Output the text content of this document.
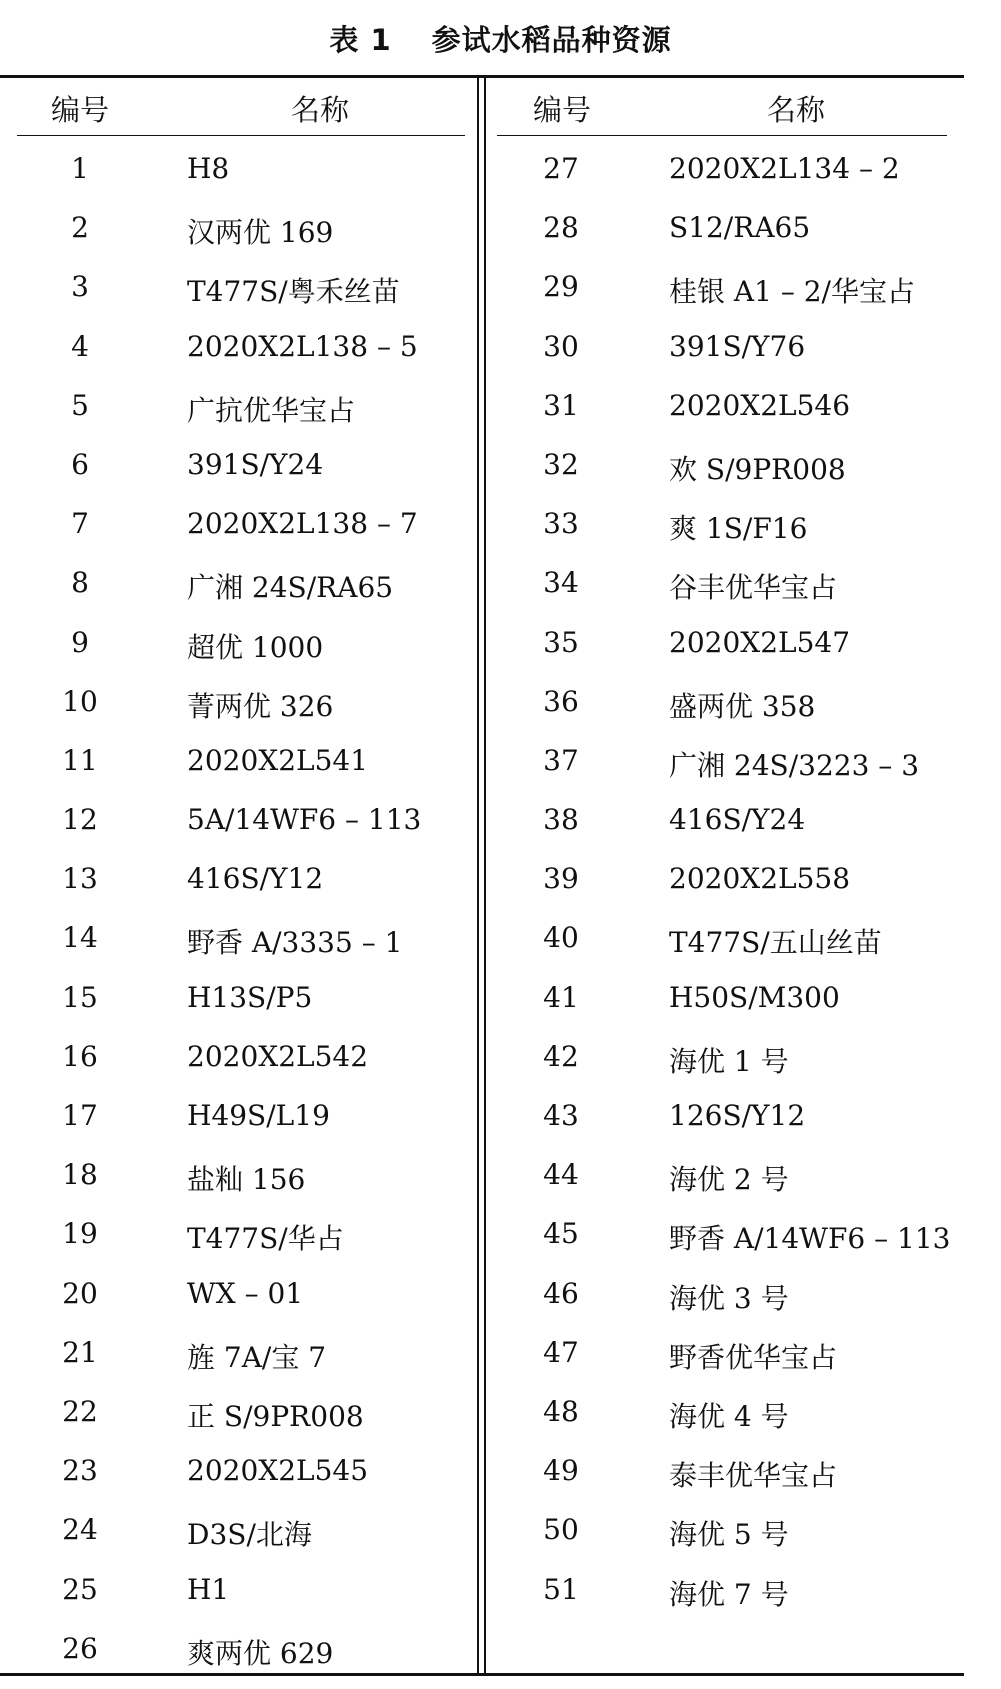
表 1 参试水稻品种资源
编号	名称
1	H8
2	汉两优 169
3	T477S/粤禾丝苗
4	2020X2L138 – 5
5	广抗优华宝占
6	391S/Y24
7	2020X2L138 – 7
8	广湘 24S/RA65
9	超优 1000
10	菁两优 326
11	2020X2L541
12	5A/14WF6 – 113
13	416S/Y12
14	野香 A/3335 – 1
15	H13S/P5
16	2020X2L542
17	H49S/L19
18	盐籼 156
19	T477S/华占
20	WX – 01
21	旌 7A/宝 7
22	正 S/9PR008
23	2020X2L545
24	D3S/北海
25	H1
26	爽两优 629
编号	名称
27	2020X2L134 – 2
28	S12/RA65
29	桂银 A1 – 2/华宝占
30	391S/Y76
31	2020X2L546
32	欢 S/9PR008
33	爽 1S/F16
34	谷丰优华宝占
35	2020X2L547
36	盛两优 358
37	广湘 24S/3223 – 3
38	416S/Y24
39	2020X2L558
40	T477S/五山丝苗
41	H50S/M300
42	海优 1 号
43	126S/Y12
44	海优 2 号
45	野香 A/14WF6 – 113
46	海优 3 号
47	野香优华宝占
48	海优 4 号
49	泰丰优华宝占
50	海优 5 号
51	海优 7 号
